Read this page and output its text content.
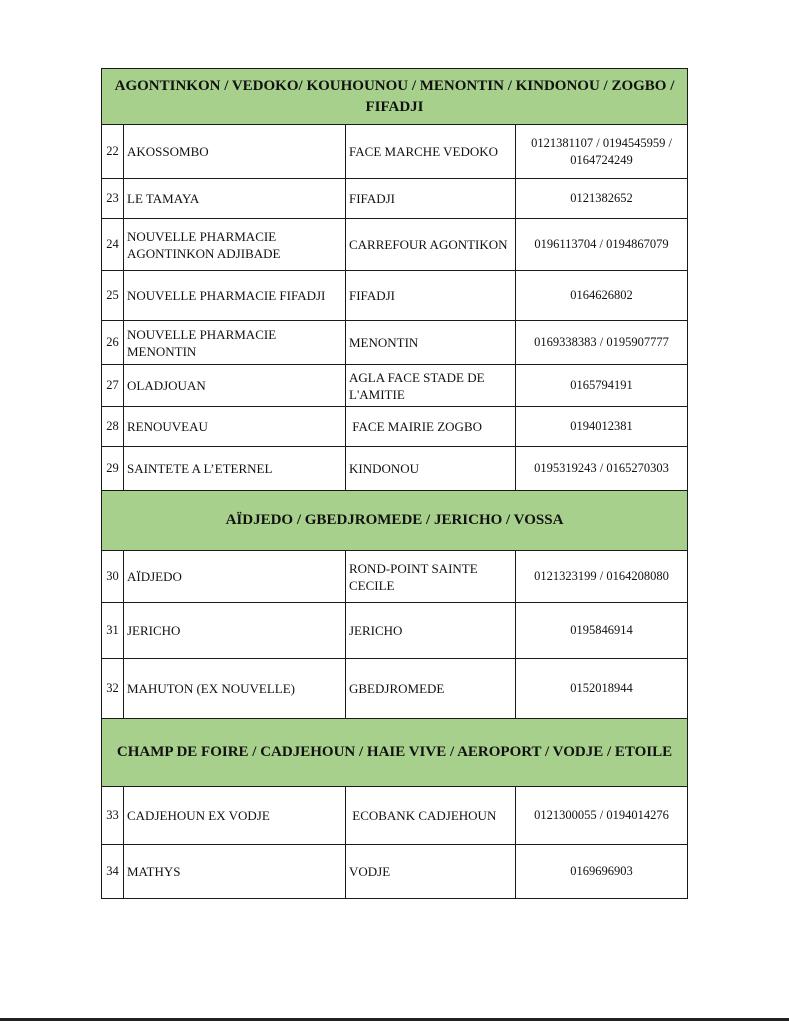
AGONTINKON / VEDOKO/ KOUHOUNOU / MENONTIN / KINDONOU / ZOGBO / FIFADJI			
22	AKOSSOMBO	FACE MARCHE VEDOKO	0121381107 / 0194545959 / 0164724249
23	LE TAMAYA	FIFADJI	0121382652
24	NOUVELLE PHARMACIE AGONTINKON ADJIBADE	CARREFOUR AGONTIKON	0196113704 / 0194867079
25	NOUVELLE PHARMACIE FIFADJI	FIFADJI	0164626802
26	NOUVELLE PHARMACIE MENONTIN	MENONTIN	0169338383 / 0195907777
27	OLADJOUAN	AGLA FACE STADE DE L'AMITIE	0165794191
28	RENOUVEAU	FACE MAIRIE ZOGBO	0194012381
29	SAINTETE A L’ETERNEL	KINDONOU	0195319243 / 0165270303
AÏDJEDO / GBEDJROMEDE / JERICHO / VOSSA			
30	AÏDJEDO	ROND-POINT SAINTE CECILE	0121323199 / 0164208080
31	JERICHO	JERICHO	0195846914
32	MAHUTON (EX NOUVELLE)	GBEDJROMEDE	0152018944
CHAMP DE FOIRE / CADJEHOUN / HAIE VIVE / AEROPORT / VODJE / ETOILE			
33	CADJEHOUN EX VODJE	ECOBANK CADJEHOUN	0121300055 / 0194014276
34	MATHYS	VODJE	0169696903
